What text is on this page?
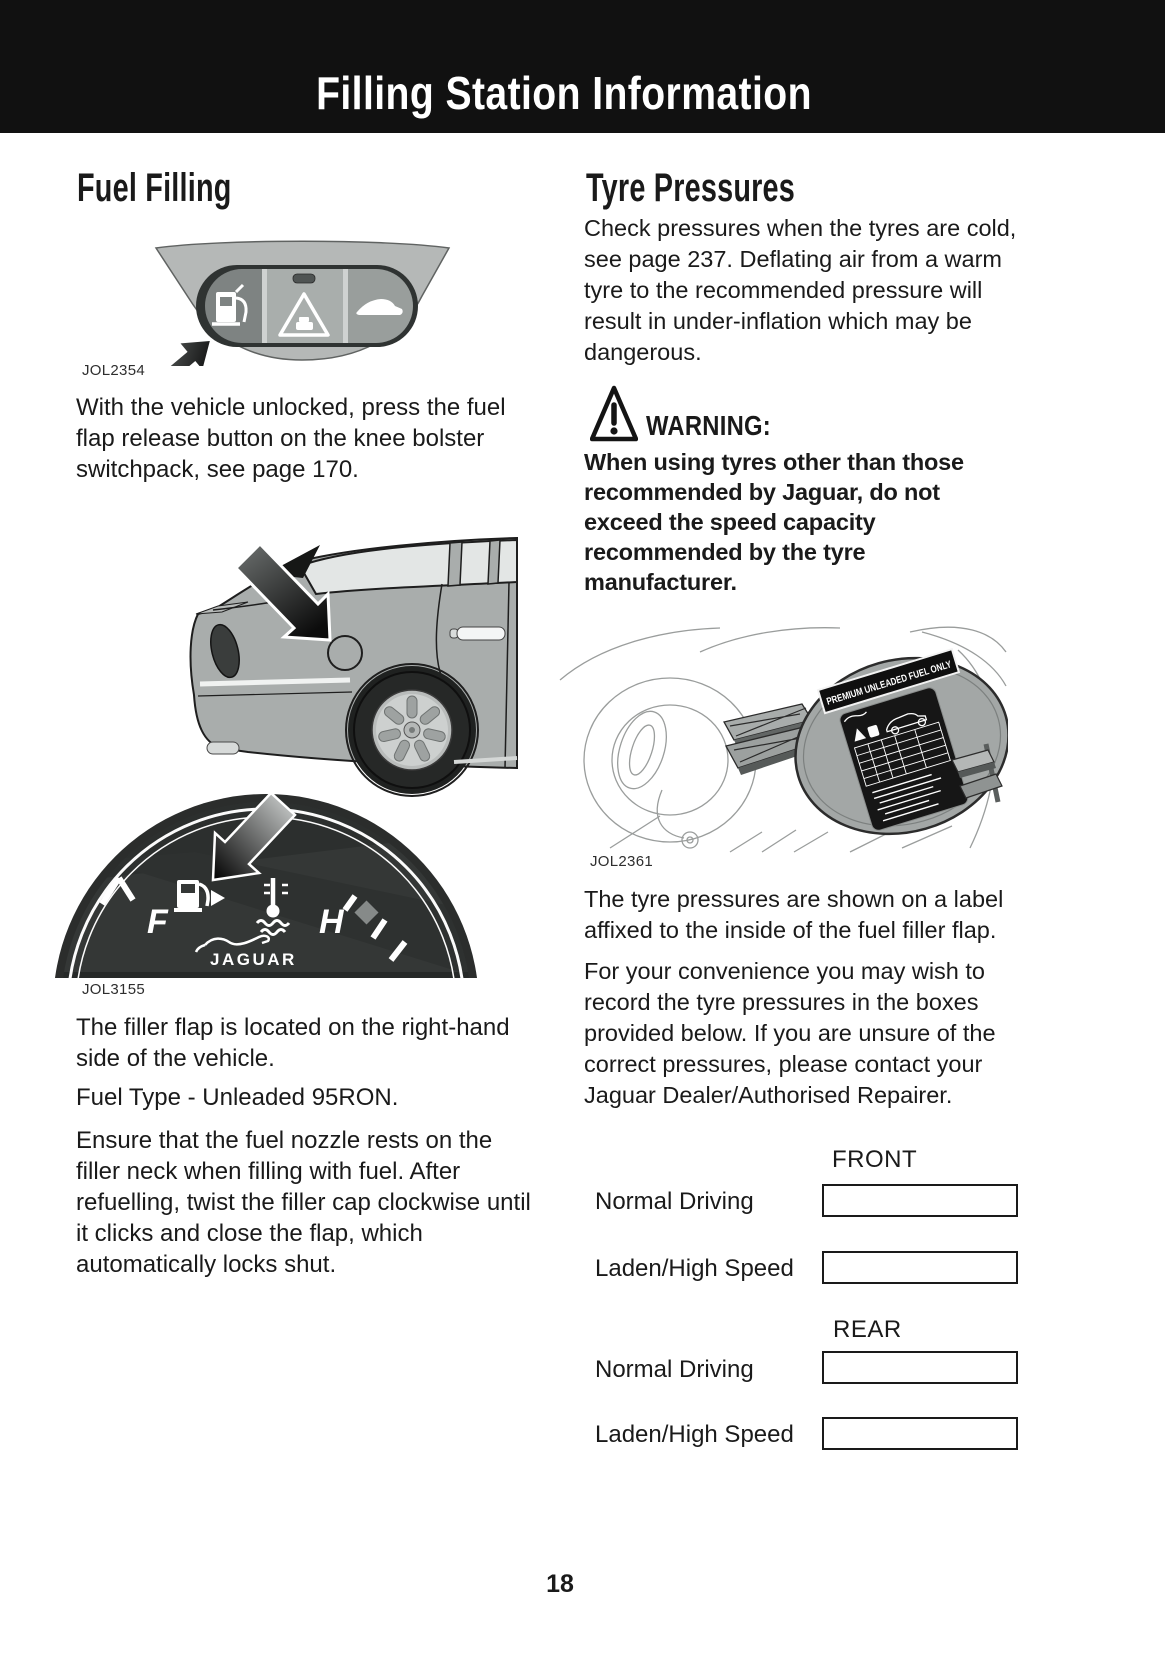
Filling Station Information
Fuel Filling
JOL2354
With the vehicle unlocked, press the fuel flap release button on the knee bolster switchpack, see page 170.
F	H
JAGUAR
JOL3155
The filler flap is located on the right-hand side of the vehicle.
Fuel Type - Unleaded 95RON.
Ensure that the fuel nozzle rests on the filler neck when filling with fuel. After refuelling, twist the filler cap clockwise until it clicks and close the flap, which automatically locks shut.
Tyre Pressures
Check pressures when the tyres are cold, see page 237. Deflating air from a warm tyre to the recommended pressure will result in under-inflation which may be dangerous.
WARNING:
When using tyres other than those recommended by Jaguar, do not exceed the speed capacity recommended by the tyre manufacturer.
PREMIUM UNLEADED FUEL ONLY
JOL2361
The tyre pressures are shown on a label affixed to the inside of the fuel filler flap.
For your convenience you may wish to record the tyre pressures in the boxes provided below. If you are unsure of the correct pressures, please contact your Jaguar Dealer/Authorised Repairer.
FRONT
Normal Driving
Laden/High Speed
REAR
Normal Driving
Laden/High Speed
18
